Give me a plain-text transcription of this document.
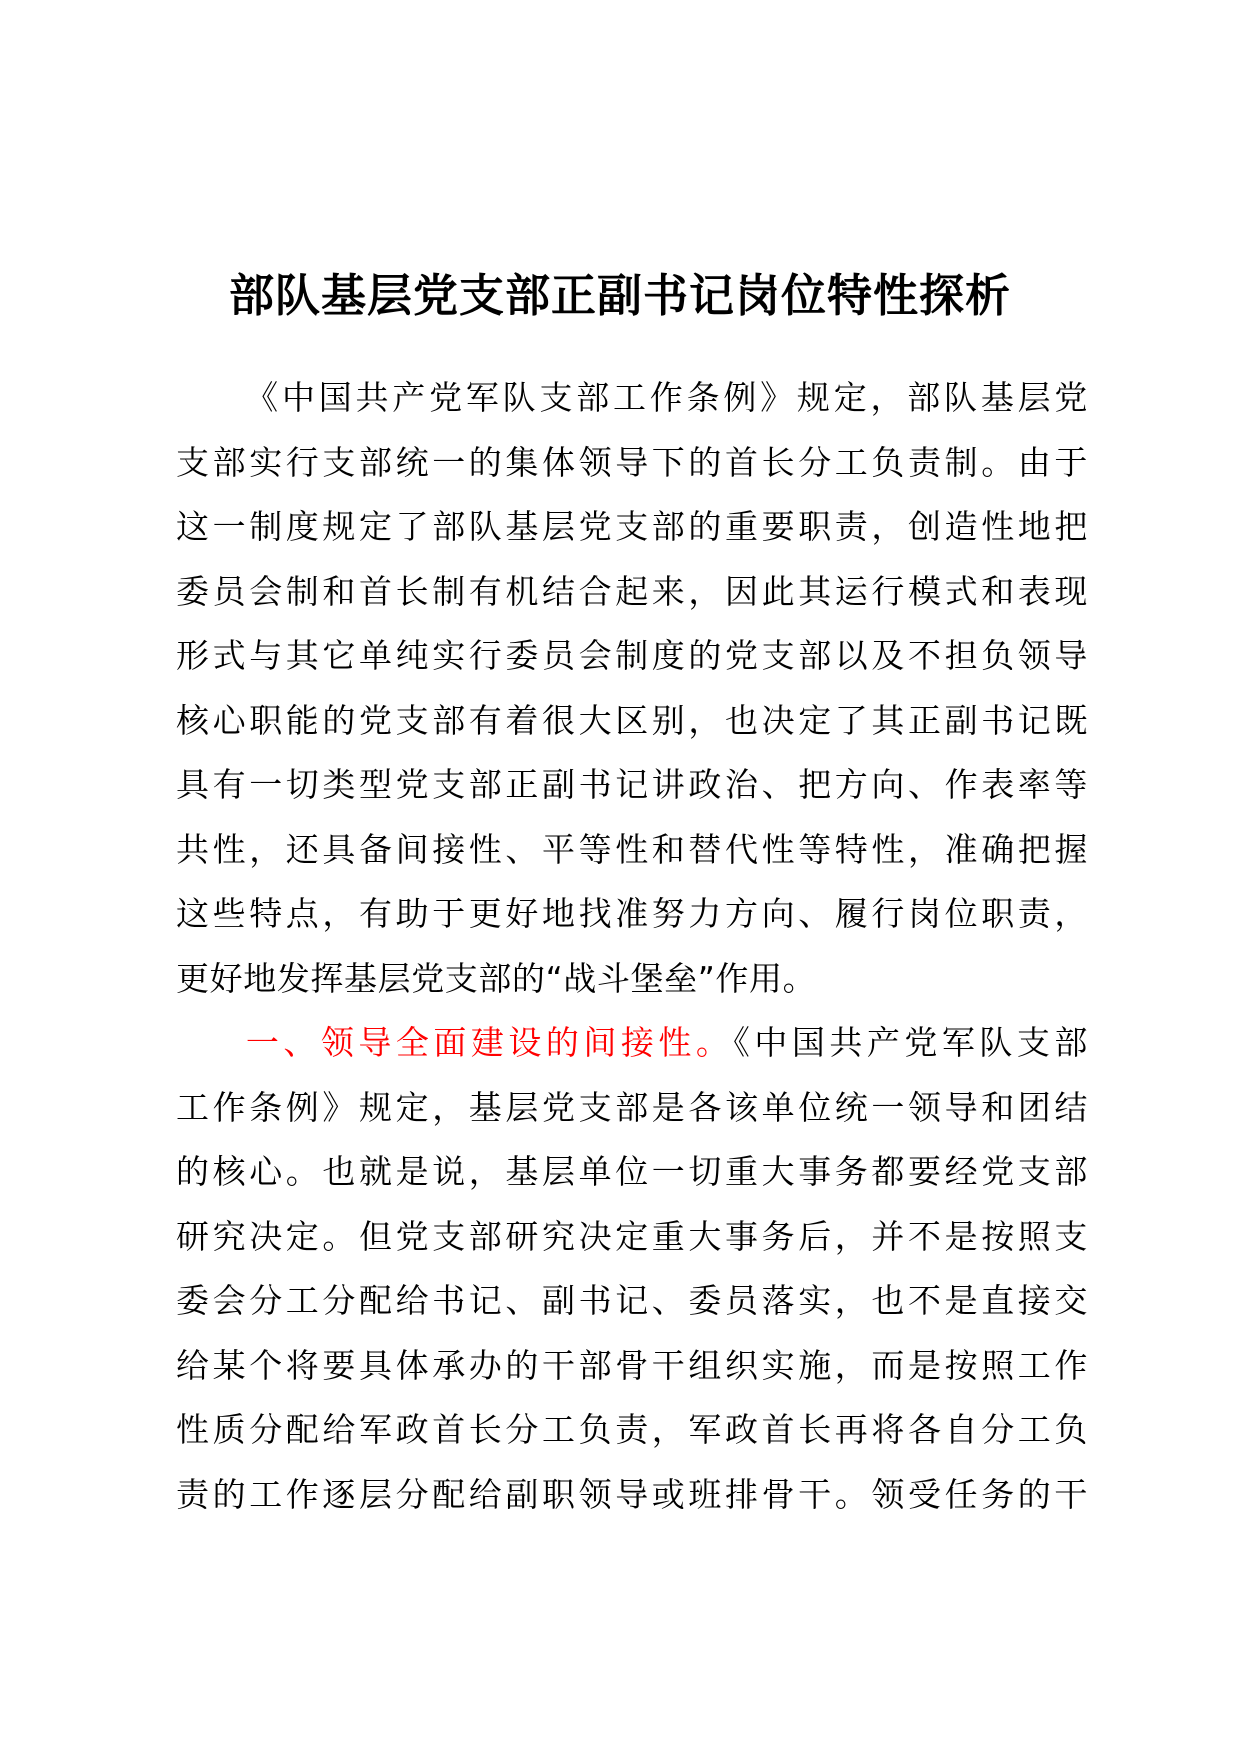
部队基层党支部正副书记岗位特性探析
《中国共产党军队支部工作条例》规定，部队基层党
支部实行支部统一的集体领导下的首长分工负责制。由于
这一制度规定了部队基层党支部的重要职责，创造性地把
委员会制和首长制有机结合起来，因此其运行模式和表现
形式与其它单纯实行委员会制度的党支部以及不担负领导
核心职能的党支部有着很大区别，也决定了其正副书记既
具有一切类型党支部正副书记讲政治、把方向、作表率等
共性，还具备间接性、平等性和替代性等特性，准确把握
这些特点，有助于更好地找准努力方向、履行岗位职责，
更好地发挥基层党支部的“战斗堡垒”作用。
一、领导全面建设的间接性。《中国共产党军队支部
工作条例》规定，基层党支部是各该单位统一领导和团结
的核心。也就是说，基层单位一切重大事务都要经党支部
研究决定。但党支部研究决定重大事务后，并不是按照支
委会分工分配给书记、副书记、委员落实，也不是直接交
给某个将要具体承办的干部骨干组织实施，而是按照工作
性质分配给军政首长分工负责，军政首长再将各自分工负
责的工作逐层分配给副职领导或班排骨干。领受任务的干
